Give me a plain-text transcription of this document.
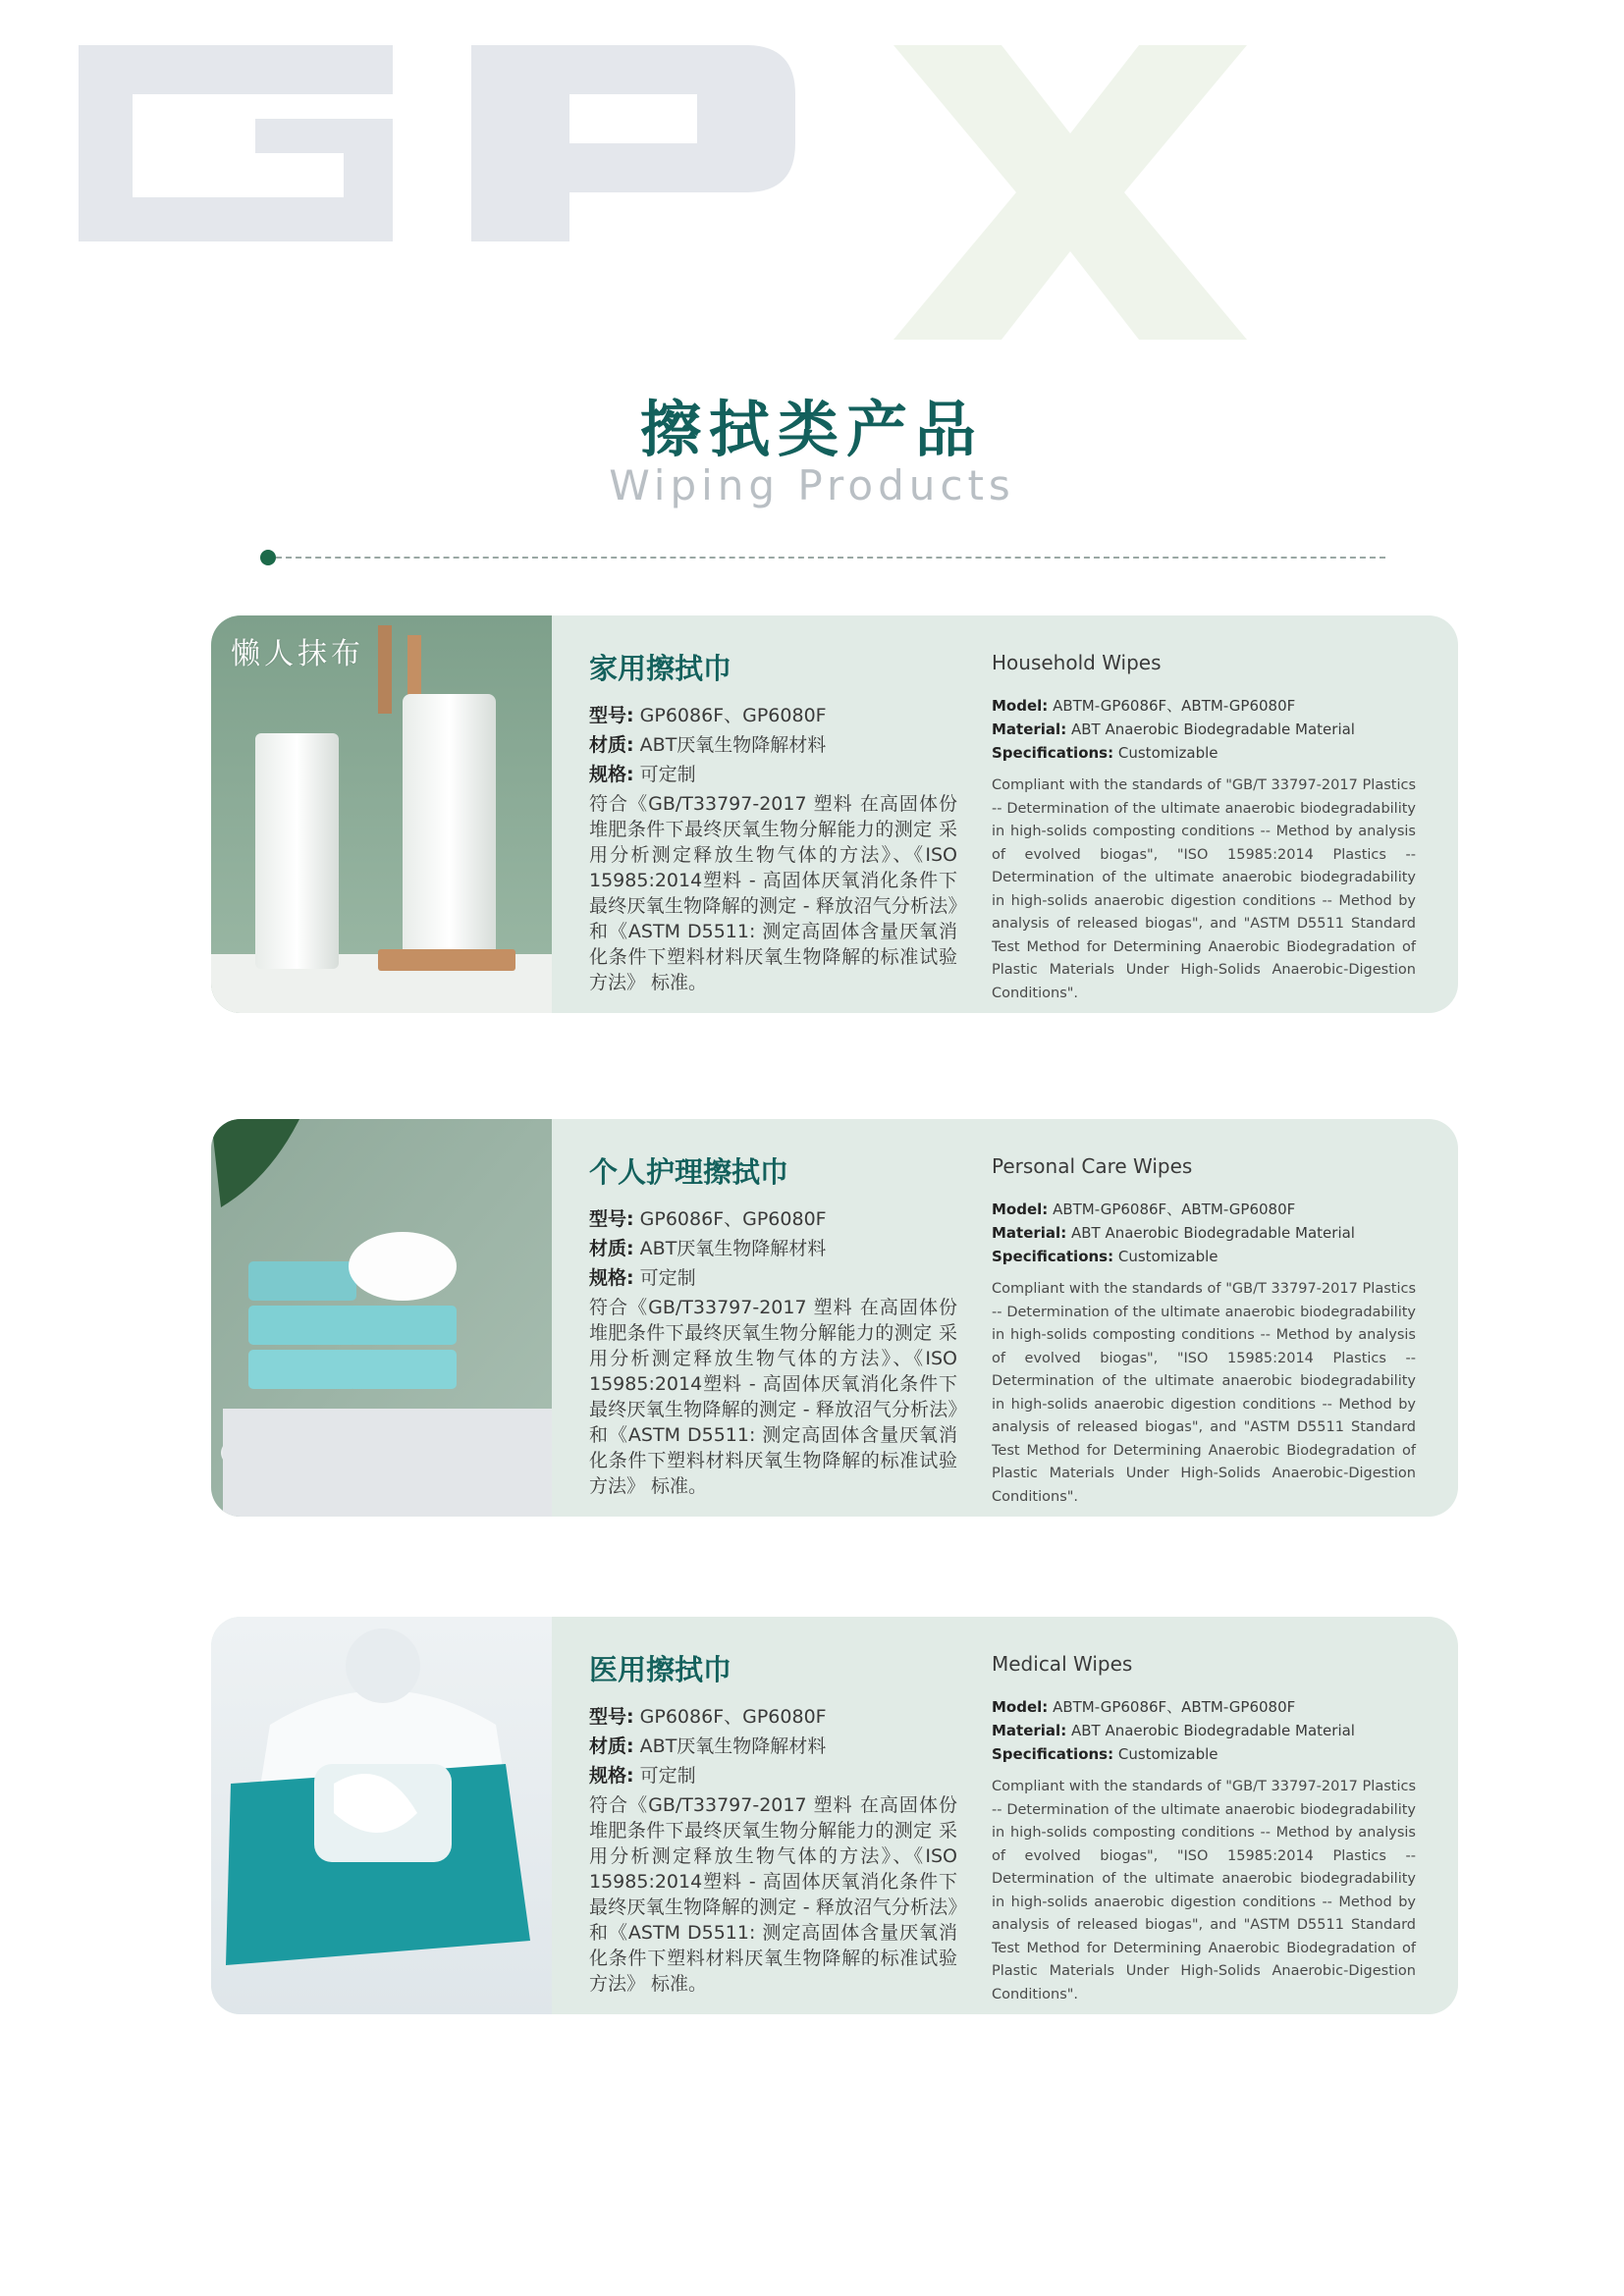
擦拭类产品
Wiping Products
懒人抹布	家用擦拭巾
型号: GP6086F、GP6080F
材质: ABT厌氧生物降解材料
规格: 可定制
符合《GB/T33797-2017 塑料 在高固体份堆肥条件下最终厌氧生物分解能力的测定 采用分析测定释放生物气体的方法》、《ISO 15985:2014塑料 - 高固体厌氧消化条件下最终厌氧生物降解的测定 - 释放沼气分析法》和《ASTM D5511: 测定高固体含量厌氧消化条件下塑料材料厌氧生物降解的标准试验方法》 标准。
Household Wipes
Model: ABTM-GP6086F、ABTM-GP6080F
Material: ABT Anaerobic Biodegradable Material
Specifications: Customizable
Compliant with the standards of "GB/T 33797-2017 Plastics -- Determination of the ultimate anaerobic biodegradability in high-solids composting conditions -- Method by analysis of evolved biogas", "ISO 15985:2014 Plastics -- Determination of the ultimate anaerobic biodegradability in high-solids anaerobic digestion conditions -- Method by analysis of released biogas", and "ASTM D5511 Standard Test Method for Determining Anaerobic Biodegradation of Plastic Materials Under High-Solids Anaerobic-Digestion Conditions".
个人护理擦拭巾
型号: GP6086F、GP6080F
材质: ABT厌氧生物降解材料
规格: 可定制
符合《GB/T33797-2017 塑料 在高固体份堆肥条件下最终厌氧生物分解能力的测定 采用分析测定释放生物气体的方法》、《ISO 15985:2014塑料 - 高固体厌氧消化条件下最终厌氧生物降解的测定 - 释放沼气分析法》和《ASTM D5511: 测定高固体含量厌氧消化条件下塑料材料厌氧生物降解的标准试验方法》 标准。
Personal Care Wipes
Model: ABTM-GP6086F、ABTM-GP6080F
Material: ABT Anaerobic Biodegradable Material
Specifications: Customizable
Compliant with the standards of "GB/T 33797-2017 Plastics -- Determination of the ultimate anaerobic biodegradability in high-solids composting conditions -- Method by analysis of evolved biogas", "ISO 15985:2014 Plastics -- Determination of the ultimate anaerobic biodegradability in high-solids anaerobic digestion conditions -- Method by analysis of released biogas", and "ASTM D5511 Standard Test Method for Determining Anaerobic Biodegradation of Plastic Materials Under High-Solids Anaerobic-Digestion Conditions".
医用擦拭巾
型号: GP6086F、GP6080F
材质: ABT厌氧生物降解材料
规格: 可定制
符合《GB/T33797-2017 塑料 在高固体份堆肥条件下最终厌氧生物分解能力的测定 采用分析测定释放生物气体的方法》、《ISO 15985:2014塑料 - 高固体厌氧消化条件下最终厌氧生物降解的测定 - 释放沼气分析法》和《ASTM D5511: 测定高固体含量厌氧消化条件下塑料材料厌氧生物降解的标准试验方法》 标准。
Medical Wipes
Model: ABTM-GP6086F、ABTM-GP6080F
Material: ABT Anaerobic Biodegradable Material
Specifications: Customizable
Compliant with the standards of "GB/T 33797-2017 Plastics -- Determination of the ultimate anaerobic biodegradability in high-solids composting conditions -- Method by analysis of evolved biogas", "ISO 15985:2014 Plastics -- Determination of the ultimate anaerobic biodegradability in high-solids anaerobic digestion conditions -- Method by analysis of released biogas", and "ASTM D5511 Standard Test Method for Determining Anaerobic Biodegradation of Plastic Materials Under High-Solids Anaerobic-Digestion Conditions".
